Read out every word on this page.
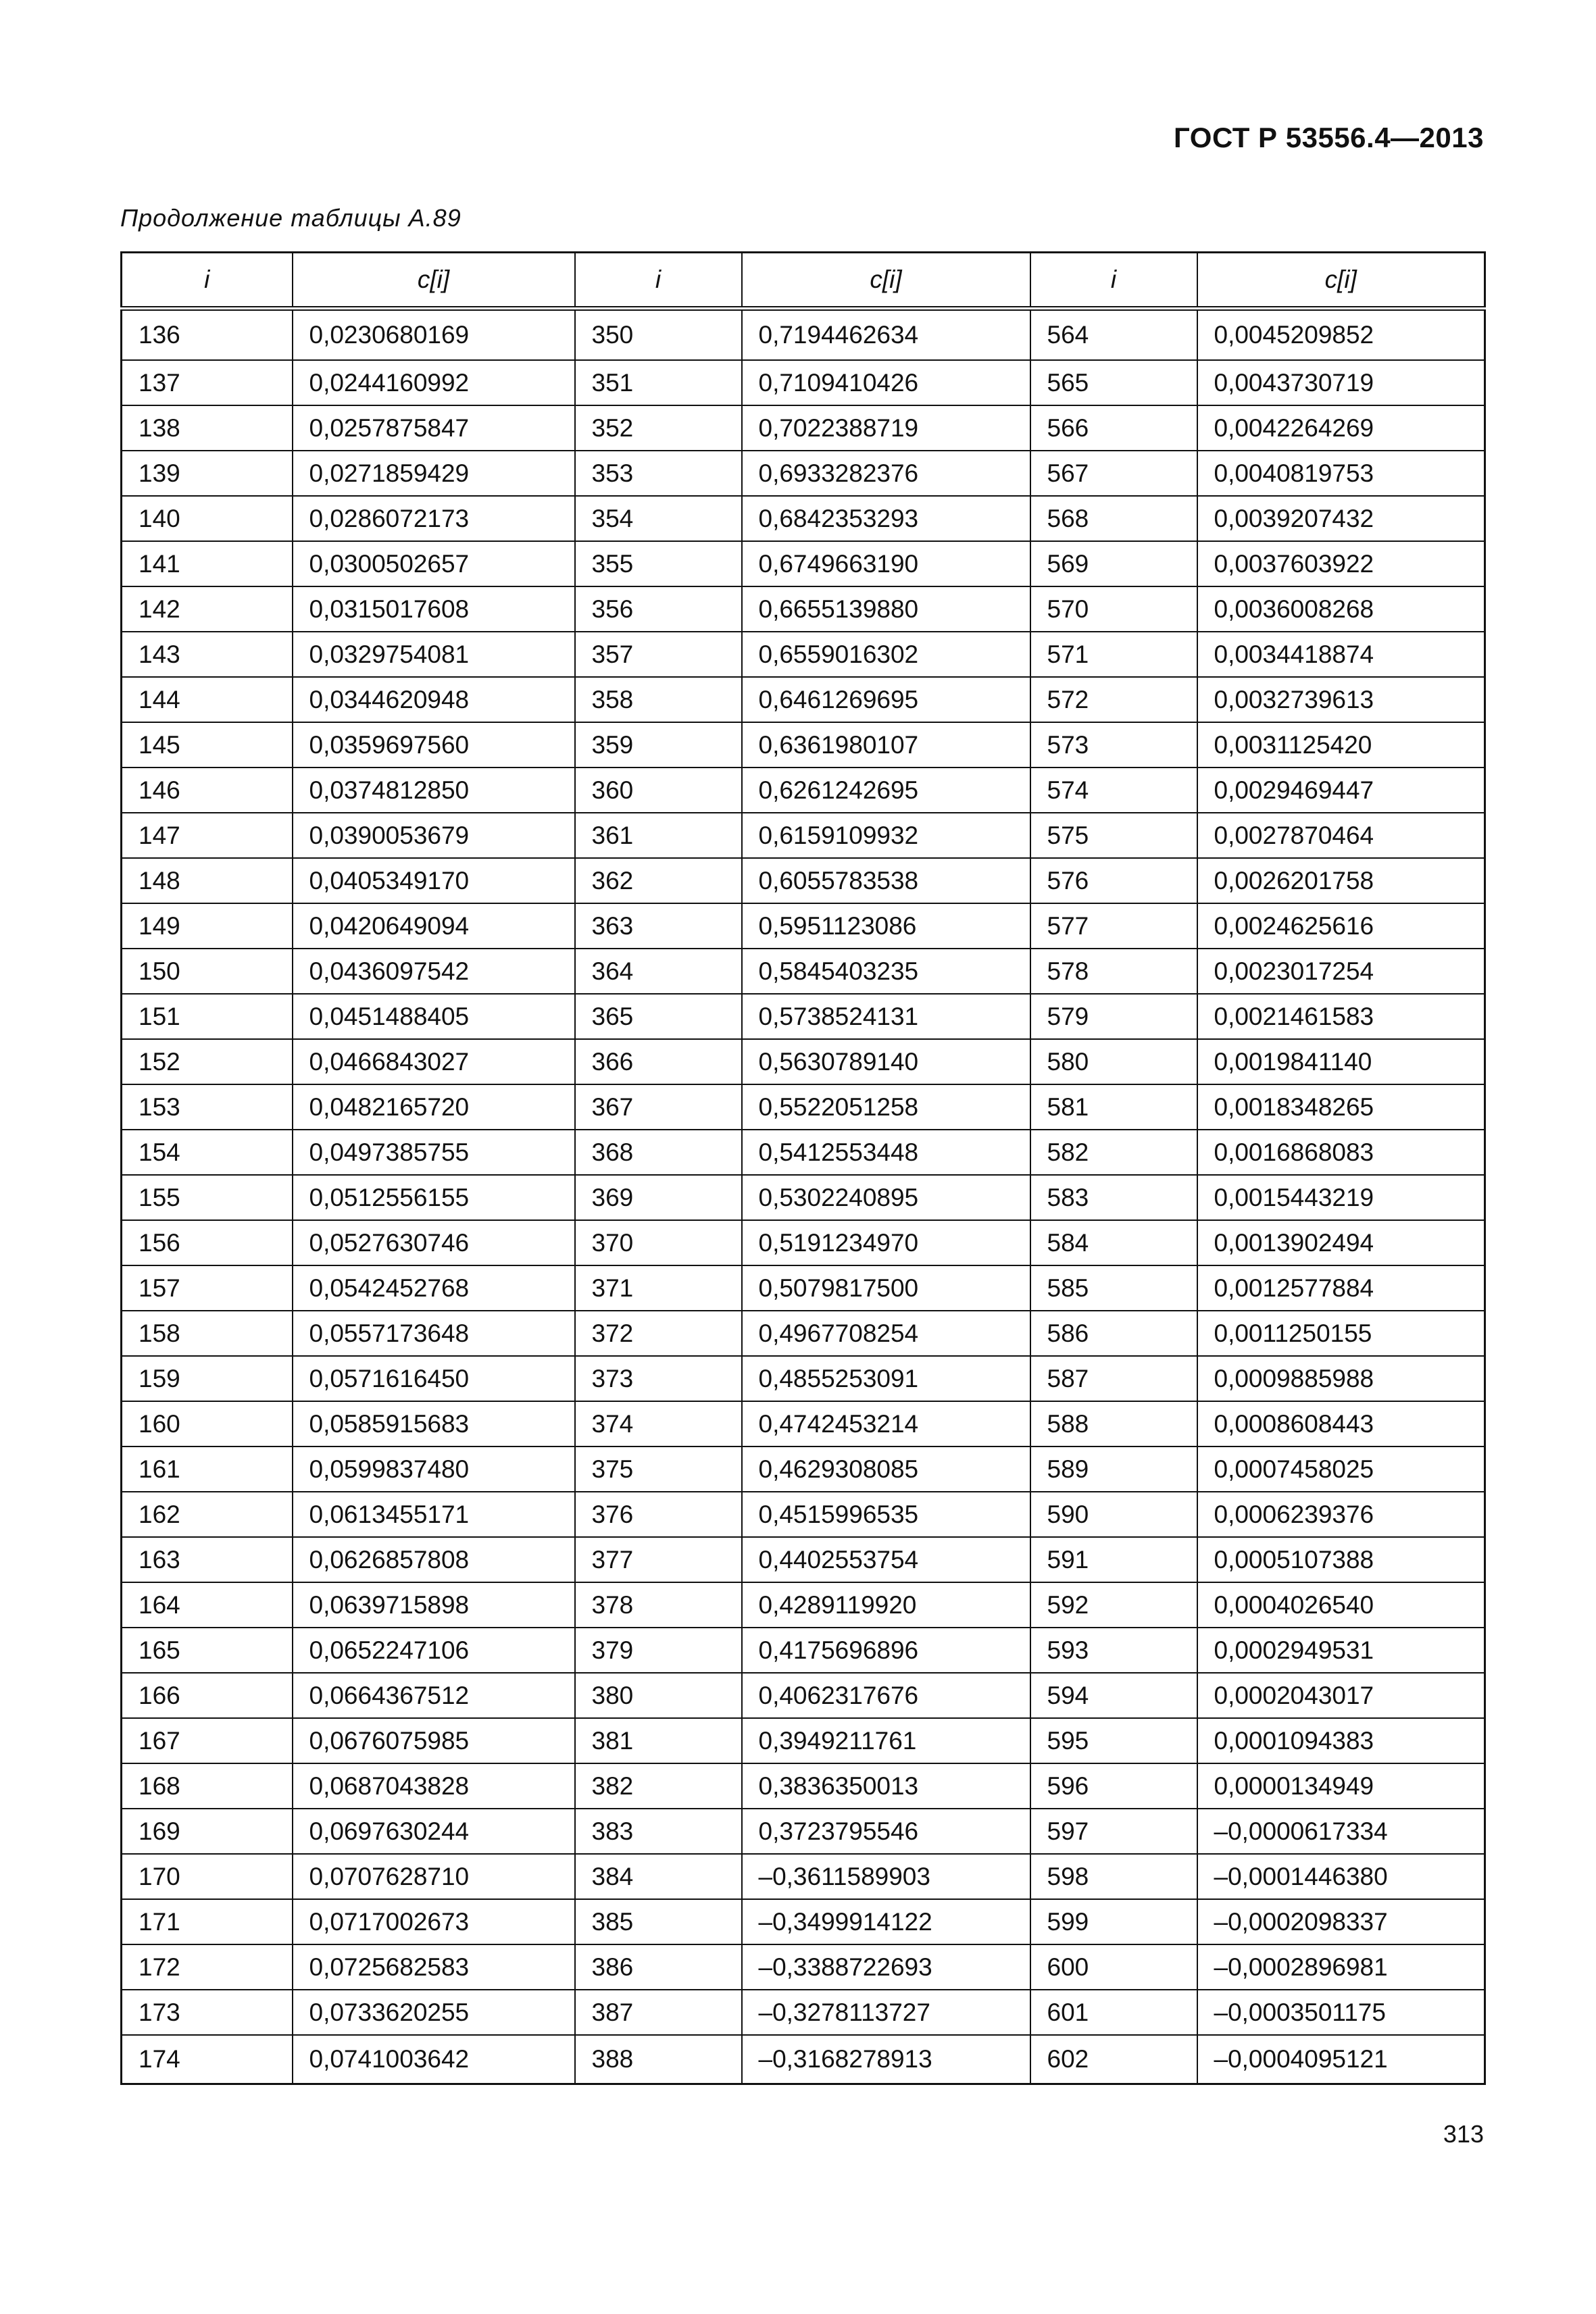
ГОСТ Р 53556.4—2013
Продолжение таблицы А.89
i	c[i]	i	c[i]	i	c[i]
136	0,0230680169	350	0,7194462634	564	0,0045209852
137	0,0244160992	351	0,7109410426	565	0,0043730719
138	0,0257875847	352	0,7022388719	566	0,0042264269
139	0,0271859429	353	0,6933282376	567	0,0040819753
140	0,0286072173	354	0,6842353293	568	0,0039207432
141	0,0300502657	355	0,6749663190	569	0,0037603922
142	0,0315017608	356	0,6655139880	570	0,0036008268
143	0,0329754081	357	0,6559016302	571	0,0034418874
144	0,0344620948	358	0,6461269695	572	0,0032739613
145	0,0359697560	359	0,6361980107	573	0,0031125420
146	0,0374812850	360	0,6261242695	574	0,0029469447
147	0,0390053679	361	0,6159109932	575	0,0027870464
148	0,0405349170	362	0,6055783538	576	0,0026201758
149	0,0420649094	363	0,5951123086	577	0,0024625616
150	0,0436097542	364	0,5845403235	578	0,0023017254
151	0,0451488405	365	0,5738524131	579	0,0021461583
152	0,0466843027	366	0,5630789140	580	0,0019841140
153	0,0482165720	367	0,5522051258	581	0,0018348265
154	0,0497385755	368	0,5412553448	582	0,0016868083
155	0,0512556155	369	0,5302240895	583	0,0015443219
156	0,0527630746	370	0,5191234970	584	0,0013902494
157	0,0542452768	371	0,5079817500	585	0,0012577884
158	0,0557173648	372	0,4967708254	586	0,0011250155
159	0,0571616450	373	0,4855253091	587	0,0009885988
160	0,0585915683	374	0,4742453214	588	0,0008608443
161	0,0599837480	375	0,4629308085	589	0,0007458025
162	0,0613455171	376	0,4515996535	590	0,0006239376
163	0,0626857808	377	0,4402553754	591	0,0005107388
164	0,0639715898	378	0,4289119920	592	0,0004026540
165	0,0652247106	379	0,4175696896	593	0,0002949531
166	0,0664367512	380	0,4062317676	594	0,0002043017
167	0,0676075985	381	0,3949211761	595	0,0001094383
168	0,0687043828	382	0,3836350013	596	0,0000134949
169	0,0697630244	383	0,3723795546	597	–0,0000617334
170	0,0707628710	384	–0,3611589903	598	–0,0001446380
171	0,0717002673	385	–0,3499914122	599	–0,0002098337
172	0,0725682583	386	–0,3388722693	600	–0,0002896981
173	0,0733620255	387	–0,3278113727	601	–0,0003501175
174	0,0741003642	388	–0,3168278913	602	–0,0004095121
313
